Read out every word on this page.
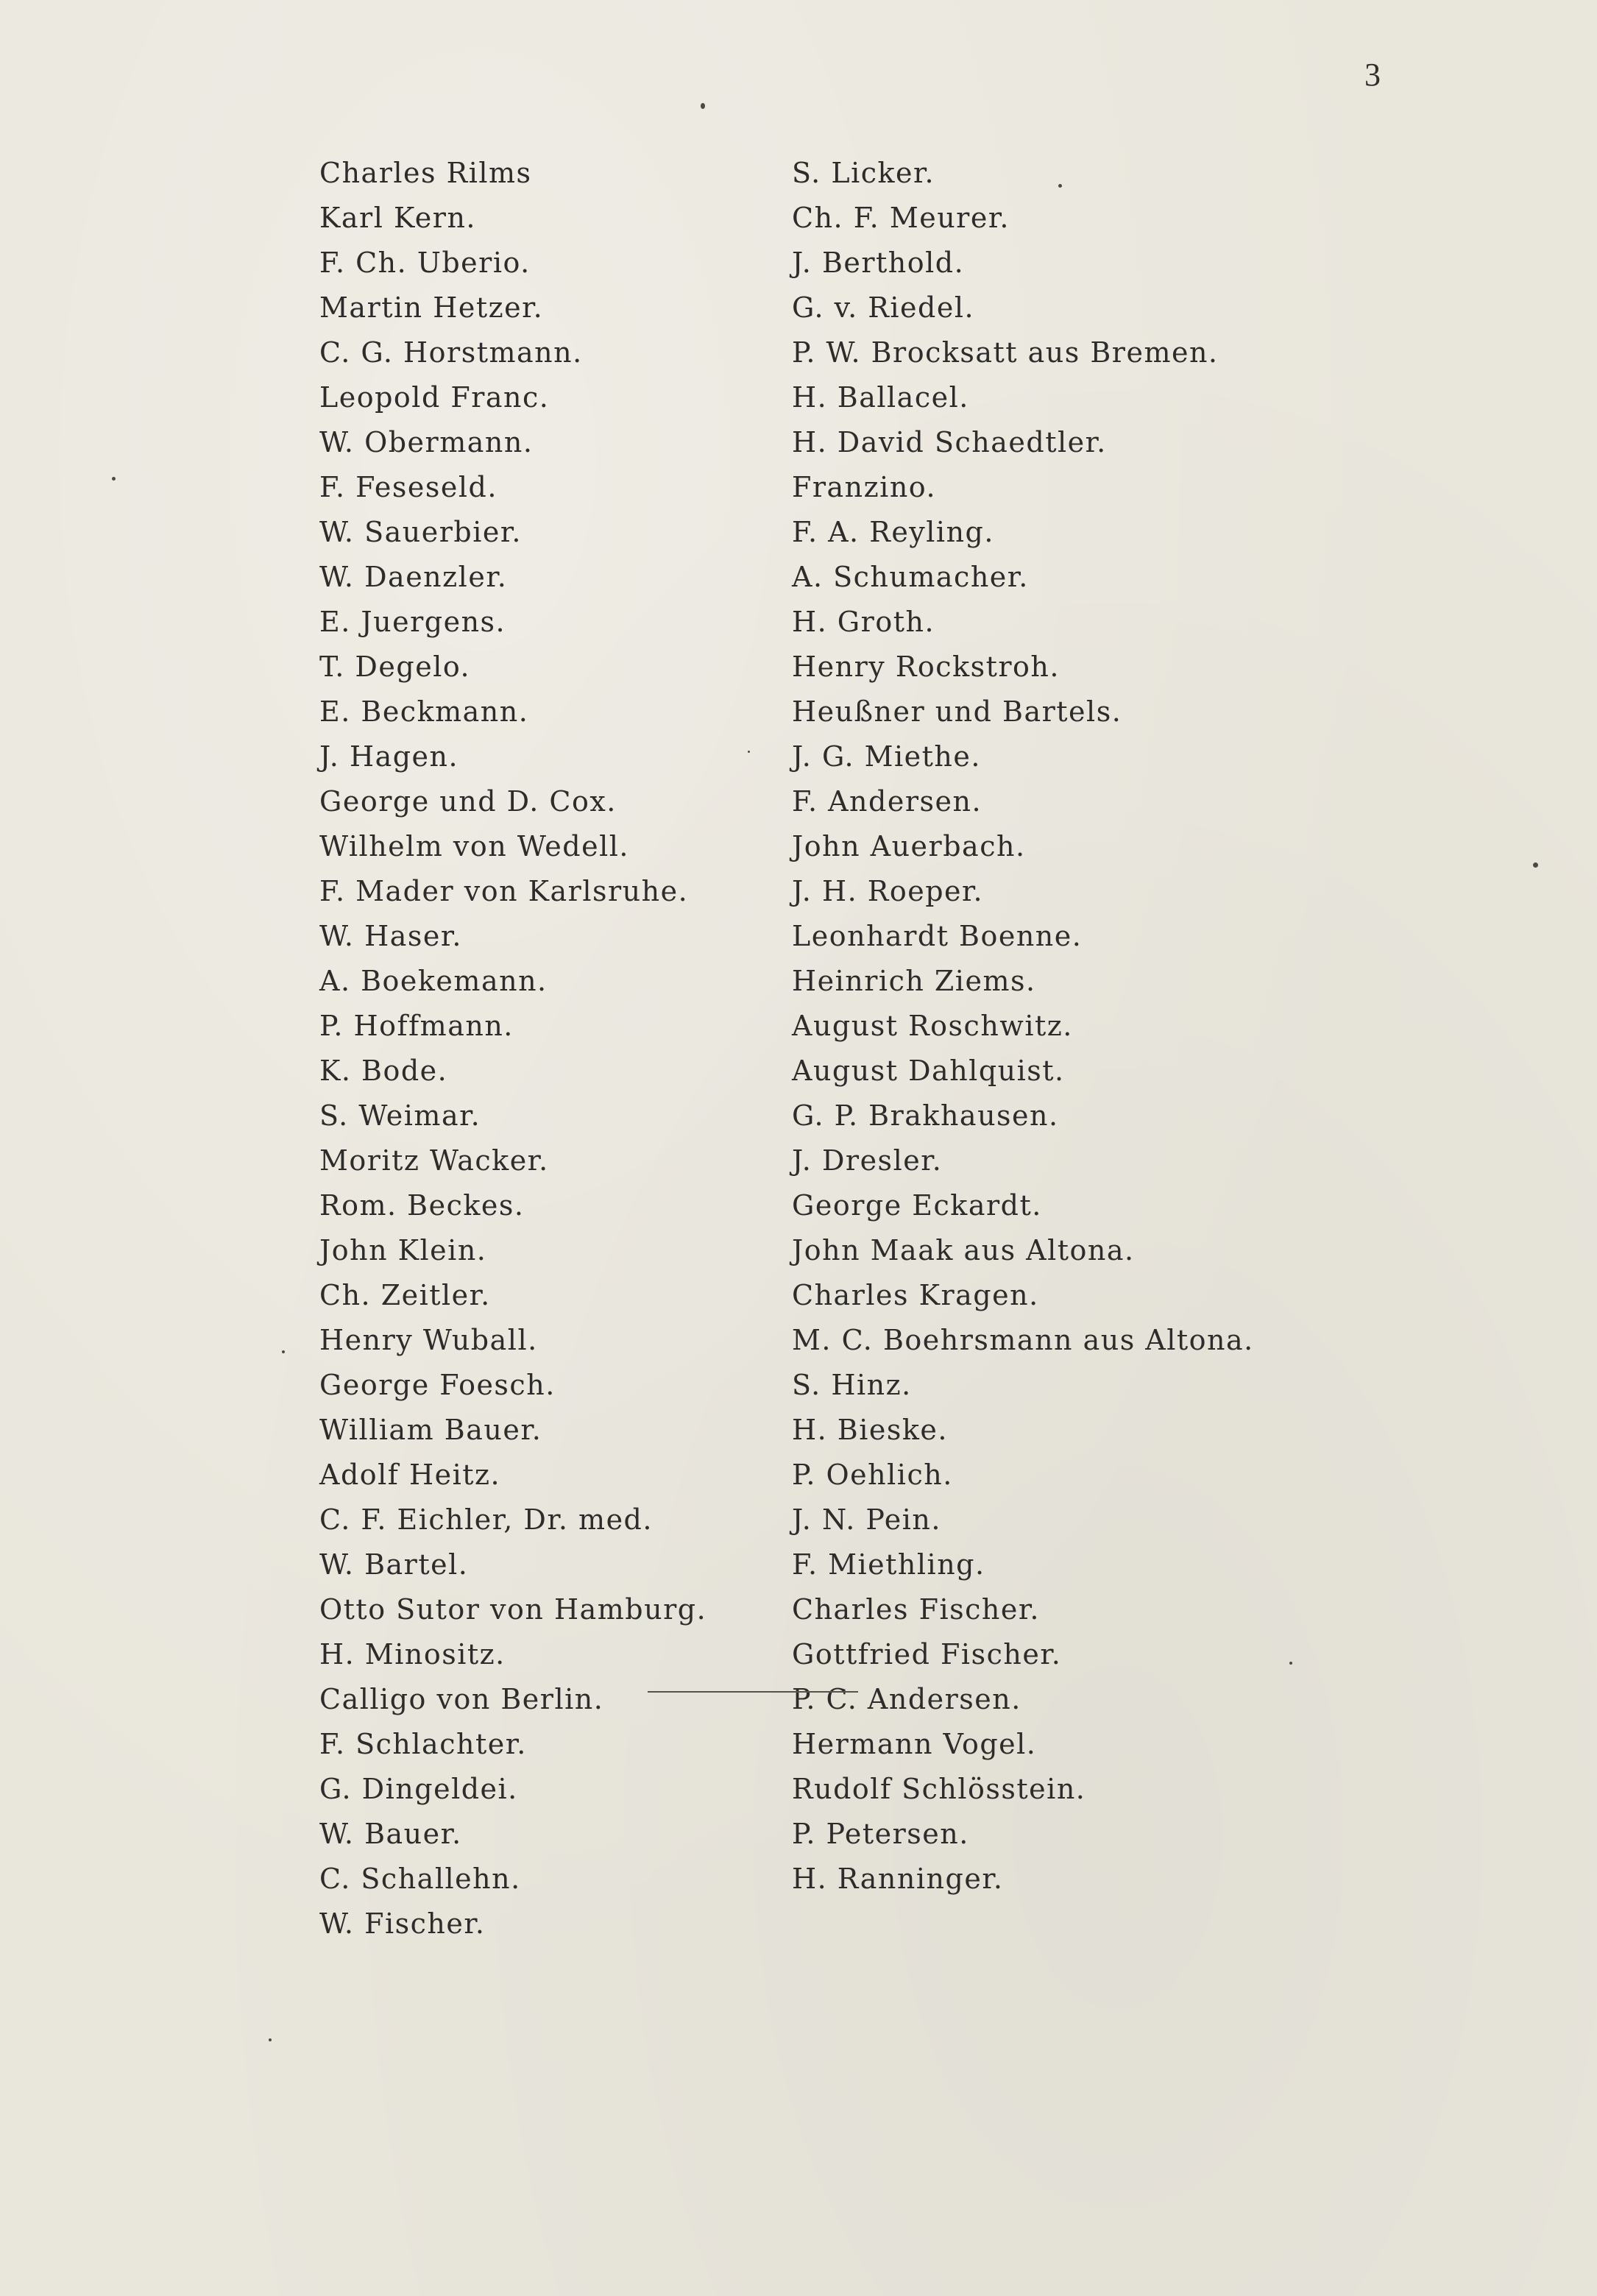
3
Charles Rilms
Karl Kern.
F. Ch. Uberio.
Martin Hetzer.
C. G. Horstmann.
Leopold Franc.
W. Obermann.
F. Feseseld.
W. Sauerbier.
W. Daenzler.
E. Juergens.
T. Degelo.
E. Beckmann.
J. Hagen.
George und D. Cox.
Wilhelm von Wedell.
F. Mader von Karlsruhe.
W. Haser.
A. Boekemann.
P. Hoffmann.
K. Bode.
S. Weimar.
Moritz Wacker.
Rom. Beckes.
John Klein.
Ch. Zeitler.
Henry Wuball.
George Foesch.
William Bauer.
Adolf Heitz.
C. F. Eichler, Dr. med.
W. Bartel.
Otto Sutor von Hamburg.
H. Minositz.
Calligo von Berlin.
F. Schlachter.
G. Dingeldei.
W. Bauer.
C. Schallehn.
W. Fischer.
S. Licker.
Ch. F. Meurer.
J. Berthold.
G. v. Riedel.
P. W. Brocksatt aus Bremen.
H. Ballacel.
H. David Schaedtler.
Franzino.
F. A. Reyling.
A. Schumacher.
H. Groth.
Henry Rockstroh.
Heußner und Bartels.
J. G. Miethe.
F. Andersen.
John Auerbach.
J. H. Roeper.
Leonhardt Boenne.
Heinrich Ziems.
August Roschwitz.
August Dahlquist.
G. P. Brakhausen.
J. Dresler.
George Eckardt.
John Maak aus Altona.
Charles Kragen.
M. C. Boehrsmann aus Altona.
S. Hinz.
H. Bieske.
P. Oehlich.
J. N. Pein.
F. Miethling.
Charles Fischer.
Gottfried Fischer.
P. C. Andersen.
Hermann Vogel.
Rudolf Schlösstein.
P. Petersen.
H. Ranninger.
